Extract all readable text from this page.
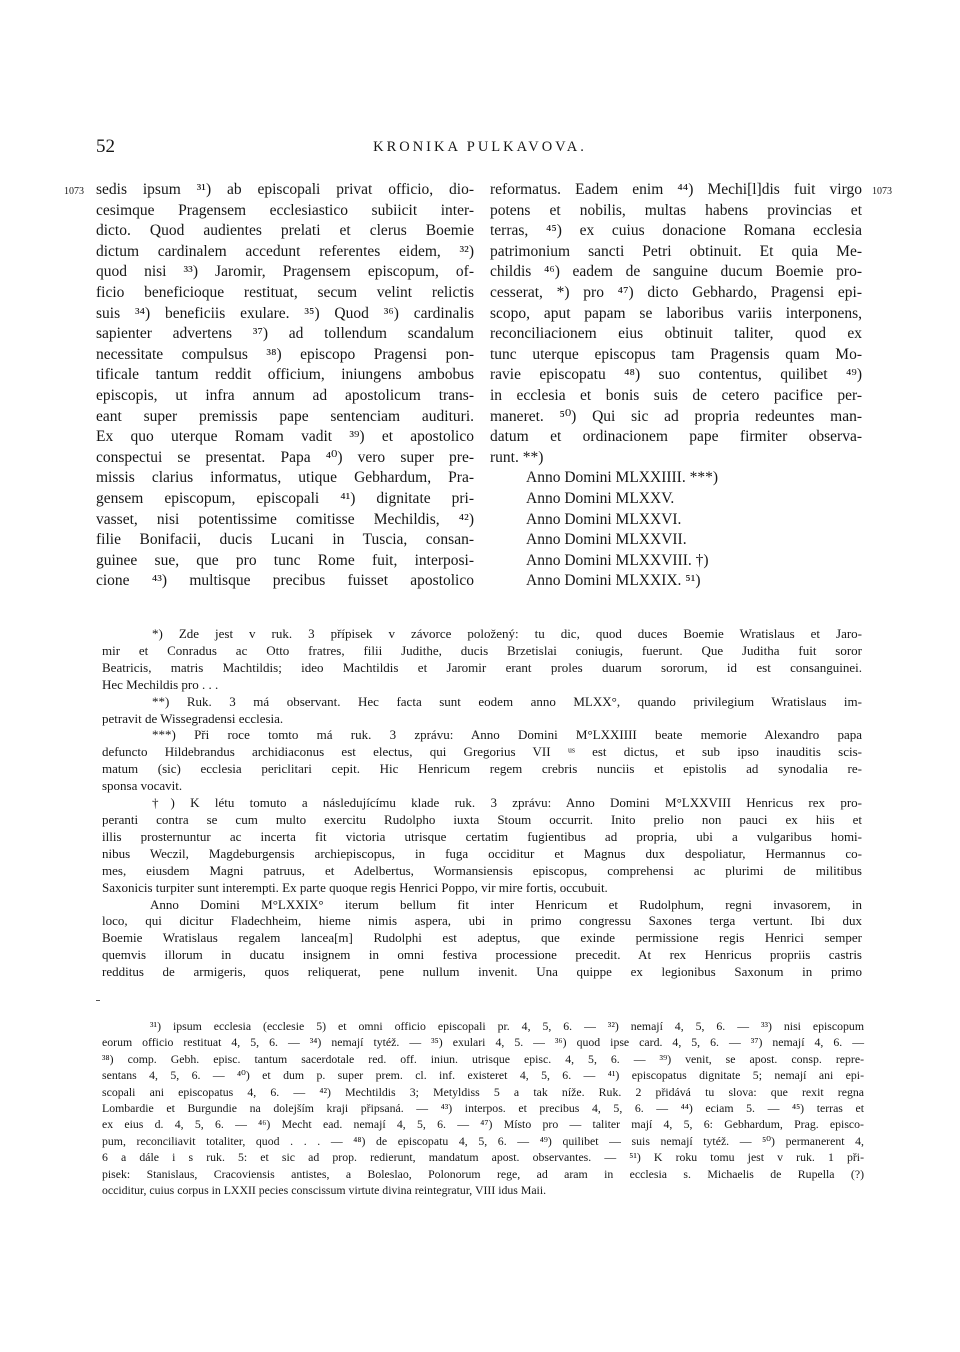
52	KRONIKA PULKAVOVA.
1073	1073
sedis ipsum ³¹) ab episcopali privat officio, dio-
cesimque Pragensem ecclesiastico subiicit inter-
dicto. Quod audientes prelati et clerus Boemie
dictum cardinalem accedunt referentes eidem, ³²)
quod nisi ³³) Jaromir, Pragensem episcopum, of-
ficio beneficioque restituat, secum velint relictis
suis ³⁴) beneficiis exulare. ³⁵) Quod ³⁶) cardinalis
sapienter advertens ³⁷) ad tollendum scandalum
necessitate compulsus ³⁸) episcopo Pragensi pon-
tificale tantum reddit officium, iniungens ambobus
episcopis, ut infra annum ad apostolicum trans-
eant super premissis pape sentenciam audituri.
Ex quo uterque Romam vadit ³⁹) et apostolico
conspectui se presentat. Papa ⁴⁰) vero super pre-
missis clarius informatus, utique Gebhardum, Pra-
gensem episcopum, episcopali ⁴¹) dignitate pri-
vasset, nisi potentissime comitisse Mechildis, ⁴²)
filie Bonifacii, ducis Lucani in Tuscia, consan-
guinee sue, que pro tunc Rome fuit, interposi-
cione ⁴³) multisque precibus fuisset apostolico
reformatus. Eadem enim ⁴⁴) Mechi[l]dis fuit virgo
potens et nobilis, multas habens provincias et
terras, ⁴⁵) ex cuius donacione Romana ecclesia
patrimonium sancti Petri obtinuit. Et quia Me-
childis ⁴⁶) eadem de sanguine ducum Boemie pro-
cesserat, *) pro ⁴⁷) dicto Gebhardo, Pragensi epi-
scopo, aput papam se laboribus variis interponens,
reconciliacionem eius obtinuit taliter, quod ex
tunc uterque episcopus tam Pragensis quam Mo-
ravie episcopatu ⁴⁸) suo contentus, quilibet ⁴⁹)
in ecclesia et bonis suis de cetero pacifice per-
maneret. ⁵⁰) Qui sic ad propria redeuntes man-
datum et ordinacionem pape firmiter observa-
runt. **)
Anno Domini MLXXIIII. ***)
Anno Domini MLXXV.
Anno Domini MLXXVI.
Anno Domini MLXXVII.
Anno Domini MLXXVIII. †)
Anno Domini MLXXIX. ⁵¹)
*) Zde jest v ruk. 3 přípisek v závorce položený: tu dic, quod duces Boemie Wratislaus et Jaro-
mir et Conradus ac Otto fratres, filii Judithe, ducis Brzetislai coniugis, fuerunt. Que Juditha fuit soror
Beatricis, matris Machtildis; ideo Machtildis et Jaromir erant proles duarum sororum, id est consanguinei.
Hec Mechildis pro . . .
**) Ruk. 3 má observant. Hec facta sunt eodem anno MLXX°, quando privilegium Wratislaus im-
petravit de Wissegradensi ecclesia.
***) Při roce tomto má ruk. 3 zprávu: Anno Domini M°LXXIIII beate memorie Alexandro papa
defuncto Hildebrandus archidiaconus est electus, qui Gregorius VII ᵘˢ est dictus, et sub ipso inauditis scis-
matum (sic) ecclesia periclitari cepit. Hic Henricum regem crebris nunciis et epistolis ad synodalia re-
sponsa vocavit.
†) K létu tomuto a následujícímu klade ruk. 3 zprávu: Anno Domini M°LXXVIII Henricus rex pro-
peranti contra se cum multo exercitu Rudolpho iuxta Stoum occurrit. Inito prelio non pauci ex hiis et
illis prosternuntur ac incerta fit victoria utrisque certatim fugientibus ad propria, ubi a vulgaribus homi-
nibus Weczil, Magdeburgensis archiepiscopus, in fuga occiditur et Magnus dux despoliatur, Hermannus co-
mes, eiusdem Magni patruus, et Adelbertus, Wormansiensis episcopus, comprehensi ac plurimi de militibus
Saxonicis turpiter sunt interempti. Ex parte quoque regis Henrici Poppo, vir mire fortis, occubuit.
Anno Domini M°LXXIX° iterum bellum fit inter Henricum et Rudolphum, regni invasorem, in
loco, qui dicitur Fladechheim, hieme nimis aspera, ubi in primo congressu Saxones terga vertunt. Ibi dux
Boemie Wratislaus regalem lancea[m] Rudolphi est adeptus, que exinde permissione regis Henrici semper
quemvis illorum in ducatu insignem in omni festiva processione precedit. At rex Henricus propriis castris
redditus de armigeris, quos reliquerat, pene nullum invenit. Una quippe ex legionibus Saxonum in primo
³¹) ipsum ecclesia (ecclesie 5) et omni officio episcopali pr. 4, 5, 6. — ³²) nemají 4, 5, 6. — ³³) nisi episcopum
eorum officio restituat 4, 5, 6. — ³⁴) nemají tytéž. — ³⁵) exulari 4, 5. — ³⁶) quod ipse card. 4, 5, 6. — ³⁷) nemají 4, 6. —
³⁸) comp. Gebh. episc. tantum sacerdotale red. off. iniun. utrisque episc. 4, 5, 6. — ³⁹) venit, se apost. consp. repre-
sentans 4, 5, 6. — ⁴⁰) et dum p. super prem. cl. inf. existeret 4, 5, 6. — ⁴¹) episcopatus dignitate 5; nemají ani epi-
scopali ani episcopatus 4, 6. — ⁴²) Mechtildis 3; Metyldiss 5 a tak níže. Ruk. 2 přidává tu slova: que rexit regna
Lombardie et Burgundie na dolejším kraji připsaná. — ⁴³) interpos. et precibus 4, 5, 6. — ⁴⁴) eciam 5. — ⁴⁵) terras et
ex eius d. 4, 5, 6. — ⁴⁶) Mecht ead. nemají 4, 5, 6. — ⁴⁷) Místo pro — taliter mají 4, 5, 6: Gebhardum, Prag. episco-
pum, reconciliavit totaliter, quod . . . — ⁴⁸) de episcopatu 4, 5, 6. — ⁴⁹) quilibet — suis nemají tytéž. — ⁵⁰) permanerent 4,
6 a dále i s ruk. 5: et sic ad prop. redierunt, mandatum apost. observantes. — ⁵¹) K roku tomu jest v ruk. 1 při-
pisek: Stanislaus, Cracoviensis antistes, a Boleslao, Polonorum rege, ad aram in ecclesia s. Michaelis de Rupella (?)
occiditur, cuius corpus in LXXII pecies conscissum virtute divina reintegratur, VIII idus Maii.
